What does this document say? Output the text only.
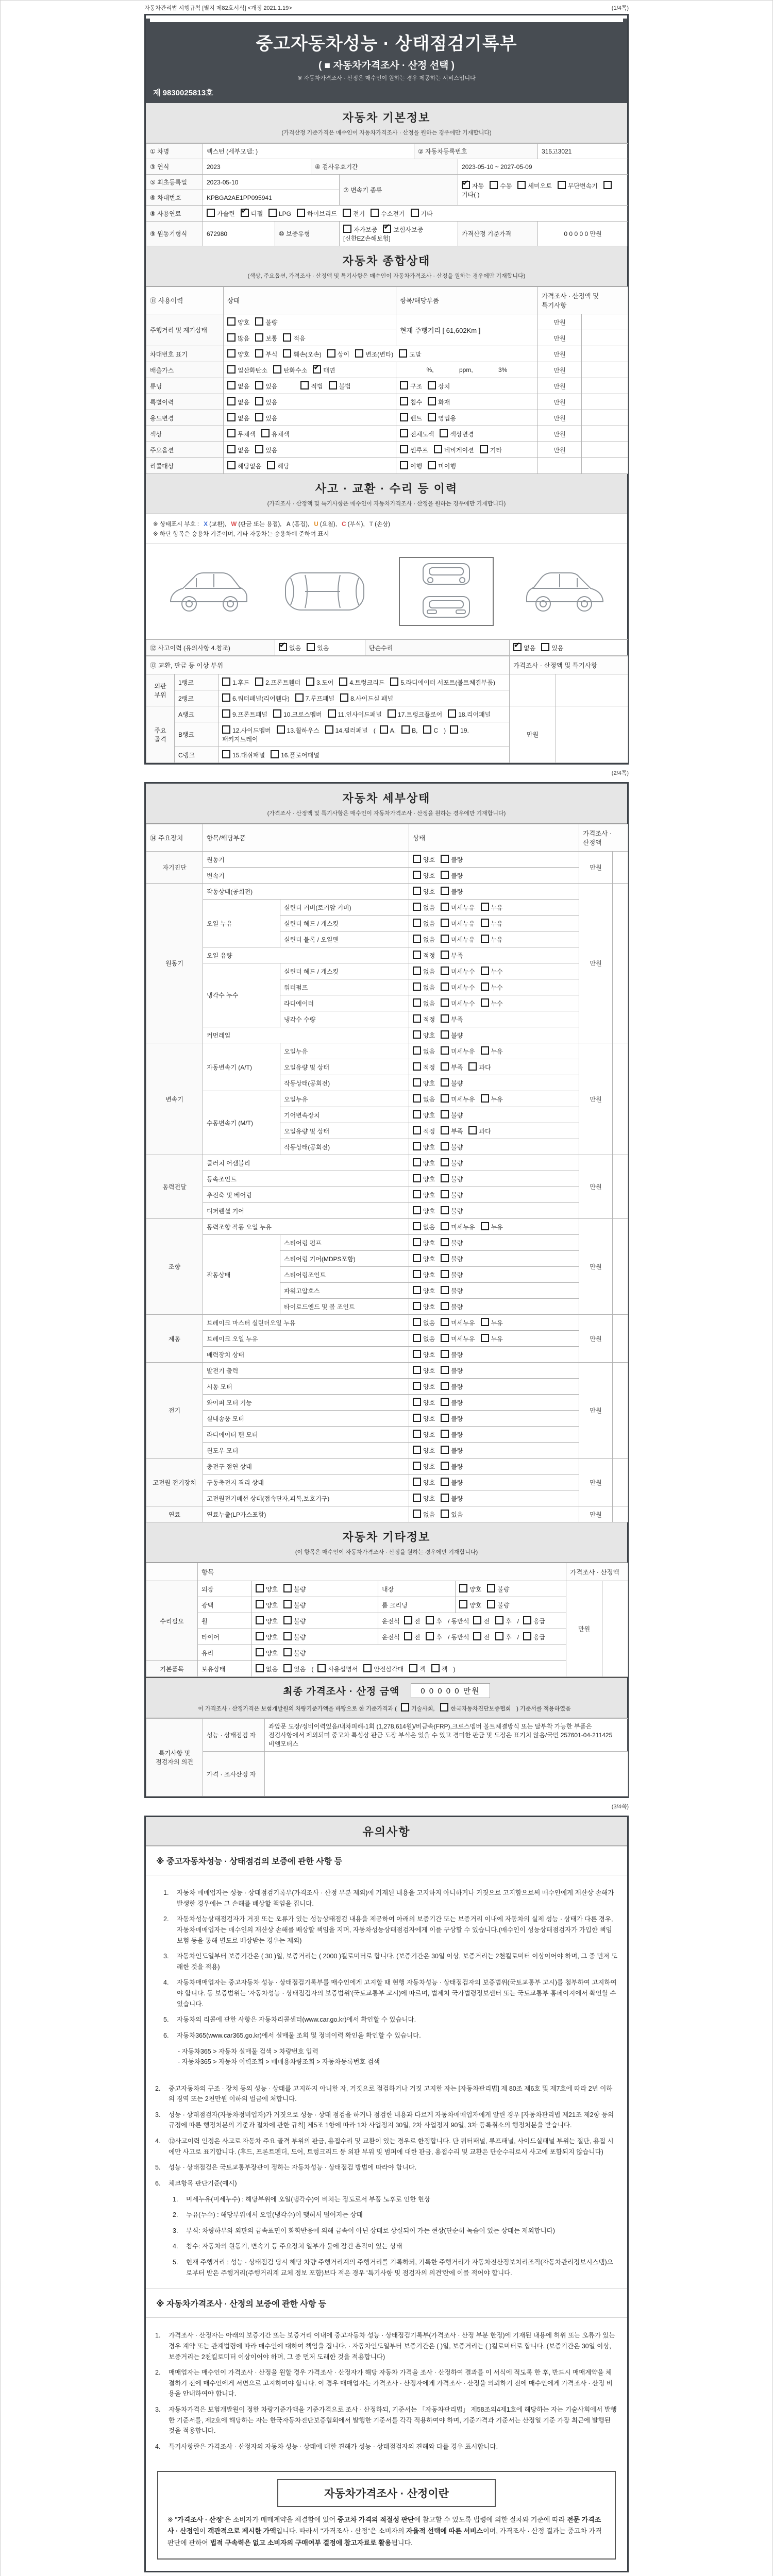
자동차관리법 시행규칙 [별지 제82호서식] <개정 2021.1.19>	(1/4쪽)
중고자동차성능 · 상태점검기록부
( ■ 자동차가격조사 · 산정 선택 )
※ 자동차가격조사 · 산정은 매수인이 원하는 경우 제공하는 서비스입니다
제 9830025813호
자동차 기본정보
(가격산정 기준가격은 매수인이 자동차가격조사 · 산정을 원하는 경우에만 기재합니다)
① 차명	렉스턴 (세부모델: )				② 자동차등록번호		315고3021
③ 연식	2023		④ 검사유효기간			2023-05-10 ~ 2027-05-09	
⑤ 최초등록일	2023-05-10			⑦ 변속기 종류	✔자동 수동 세미오토 무단변속기기타( )
⑥ 차대번호	KPBGA2AE1PP095941						
⑧ 사용연료	가솔린 ✔ 디젤 LPG 하이브리드 전기 수소전기 기타
⑨ 원동기형식	672980	⑩ 보증유형		자가보증 ✔ 보험사보증[신한EZ손해보험]		가격산정 기준가격	0 0 0 0 0 만원
자동차 종합상태
(색상, 주요옵션, 가격조사 · 산정액 및 특기사항은 매수인이 자동차가격조사 · 산정을 원하는 경우에만 기재합니다)
⑪ 사용이력	상태	항목/해당부품	가격조사 · 산정액 및 특기사항	
주행거리 및 계기상태	양호 불량	현재 주행거리 [ 61,602Km ]	만원	
	많음 보통 적음		만원	
차대번호 표기	양호 부식 훼손(오손) 상이 변조(변타) 도말		만원	
배출가스	일산화탄소 탄화수소 ✔ 매연	%, ppm, 3%	만원	
튜닝	없음 있음 적법 불법	구조 장치	만원	
특별이력	없음 있음	침수 화재	만원	
용도변경	없음 있음	렌트 영업용	만원	
색상	무채색 유채색	전체도색 색상변경	만원	
주요옵션	없음 있음	썬루프 네비게이션 기타	만원	
리콜대상	해당없음 해당	이행 미이행		
사고 · 교환 · 수리 등 이력
(가격조사 · 산정액 및 특기사항은 매수인이 자동차가격조사 · 산정을 원하는 경우에만 기재합니다)
※ 상태표시 부호 : X (교환), W (판금 또는 용접), A (흠집), U (요철), C (부식), T (손상)
※ 하단 항목은 승용차 기준이며, 기타 자동차는 승용차에 준하여 표시
⑫ 사고이력 (유의사항 4.참조)	✔없음	있음	단순수리	✔없음	있음
⑬ 교환, 판금 등 이상 부위			가격조사 · 산정액 및 특기사항	
외판 부위	1랭크	1.후드 2.프론트휀더 3.도어 4.트렁크리드 5.라디에이터 서포트(볼트체결부품)		
	2랭크	6.쿼터패널(리어휀다) 7.루프패널 8.사이드실 패널		
주요 골격	A랭크	9.프론트패널 10.크로스멤버 11.인사이드패널 17.트렁크플로어 18.리어패널	만원	
	B랭크	12.사이드멤버 13.휠하우스 14.필러패널 ( A, B, C ) 19.패키지트레이		
	C랭크	15.대쉬패널 16.플로어패널		
(2/4쪽)
자동차 세부상태
(가격조사 · 산정액 및 특기사항은 매수인이 자동차가격조사 · 산정을 원하는 경우에만 기재합니다)
⑭ 주요장치	항목/해당부품		상태	가격조사 · 산정액	
자기진단	원동기		양호 불량	만원	
	변속기		양호 불량		
원동기	작동상태(공회전)		양호 불량	만원	
	오일 누유	실린더 커버(로커암 커버)	없음 미세누유 누유		
		실린더 헤드 / 개스킷	없음 미세누유 누유		
		실린더 블록 / 오일팬	없음 미세누유 누유		
	오일 유량		적정 부족		
	냉각수 누수	실린더 헤드 / 개스킷	없음 미세누수 누수		
		워터펌프	없음 미세누수 누수		
		라디에이터	없음 미세누수 누수		
		냉각수 수량	적정 부족		
	커먼레일		양호 불량		
변속기	자동변속기 (A/T)	오일누유	없음 미세누유 누유	만원	
		오일유량 및 상태	적정 부족 과다		
		작동상태(공회전)	양호 불량		
	수동변속기 (M/T)	오일누유	없음 미세누유 누유		
		기어변속장치	양호 불량		
		오일유량 및 상태	적정 부족 과다		
		작동상태(공회전)	양호 불량		
동력전달	클러치 어셈블리		양호 불량	만원	
	등속조인트		양호 불량		
	추진축 및 베어링		양호 불량		
	디퍼렌셜 기어		양호 불량		
조향	동력조향 작동 오일 누유		없음 미세누유 누유	만원	
	작동상태	스티어링 펌프	양호 불량		
		스티어링 기어(MDPS포함)	양호 불량		
		스티어링조인트	양호 불량		
		파워고압호스	양호 불량		
		타이로드엔드 및 볼 조인트	양호 불량		
제동	브레이크 마스터 실린더오일 누유		없음 미세누유 누유	만원	
	브레이크 오일 누유		없음 미세누유 누유		
	배력장치 상태		양호 불량		
전기	발전기 출력		양호 불량	만원	
	시동 모터		양호 불량		
	와이퍼 모터 기능		양호 불량		
	실내송풍 모터		양호 불량		
	라디에이터 팬 모터		양호 불량		
	윈도우 모터		양호 불량		
고전원 전기장치	충전구 절연 상태		양호 불량	만원	
	구동축전지 격리 상태		양호 불량		
	고전원전기배선 상태(접속단자,피복,보호기구)		양호 불량		
연료	연료누출(LP가스포함)		없음 있음	만원	
자동차 기타정보
(이 항목은 매수인이 자동차가격조사 · 산정을 원하는 경우에만 기재합니다)
	항목				가격조사 · 산정액	
수리필요	외장	양호 불량	내장	양호 불량	만원	
	광택	양호 불량	룸 크리닝	양호 불량		
	휠	양호 불량	운전석 전 후 / 동반석 전 후 / 응급			
	타이어	양호 불량	운전석 전 후 / 동반석 전 후 / 응급			
	유리	양호 불량				
기본품목	보유상태	없음 있음 ( 사용설명서 안전삼각대 잭 잭 )				
최종 가격조사 · 산정 금액	0 0 0 0 0 만원
이 가격조사 · 산정가격은 보험개발원의 차량기준가액을 바탕으로 한 기준가격과 (	기술사회,	한국자동차진단보증협회 ) 기준서를 적용하였음
특기사항 및 점검자의 의견	성능 · 상태점검 자	좌앞문 도장/정비이력있음/내차피해-1회 (1,278,614원)/비금속(FRP),크로스멤버 볼트체결방식 또는 탈부착 가능한 부품은 점검사항에서 제외되며 중고차 특성상 판금 도장 부식은 있을 수 있고 경미한 판금 및 도장은 표기치 않음/국민 257601-04-211425 비엠모터스
	가격 · 조사산정 자	
(3/4쪽)
유의사항
※ 중고자동차성능 · 상태점검의 보증에 관한 사항 등
1.	자동차 매매업자는 성능 · 상태점검기록부(가격조사 · 산정 부분 제외)에 기재된 내용을 고지하지 아니하거나 거짓으로 고지함으로써 매수인에게 재산상 손해가 발생한 경우에는 그 손해를 배상할 책임을 집니다.
2.	자동차성능상태점검자가 거짓 또는 오류가 있는 성능상태점검 내용을 제공하여 아래의 보증기간 또는 보증거리 이내에 자동차의 실제 성능 · 상태가 다른 경우, 자동차매매업자는 매수인의 재산상 손해를 배상할 책임을 지며, 자동차성능상태점검자에게 이를 구상할 수 있습니다.(매수인이 성능상태점검자가 가입한 책임보험 등을 통해 별도로 배상받는 경우는 제외)
3.	자동차인도일부터 보증기간은 ( 30 )일, 보증거리는 ( 2000 )킬로미터로 합니다. (보증기간은 30일 이상, 보증거리는 2천킬로미터 이상이어야 하며, 그 중 먼저 도래한 것을 적용)
4.	자동차매매업자는 중고자동차 성능 · 상태점검기록부를 매수인에게 고지할 때 현행 자동차성능 · 상태점검자의 보증범위(국토교통부 고시)를 첨부하여 고지하여야 합니다. 동 보증범위는 '자동차성능 · 상태점검자의 보증범위'(국토교통부 고시)에 따르며, 법제처 국가법령정보센터 또는 국토교통부 홈페이지에서 확인할 수 있습니다.
5.	자동차의 리콜에 관한 사항은 자동차리콜센터(www.car.go.kr)에서 확인할 수 있습니다.
6.	자동차365(www.car365.go.kr)에서 실매물 조회 및 정비이력 확인을 확인할 수 있습니다.
- 자동차365 > 자동차 실매물 검색 > 차량번호 입력
- 자동차365 > 자동차 이력조회 > 매매용차량조회 > 자동차등록번호 검색
2.	중고자동차의 구조 · 장치 등의 성능 · 상태를 고지하지 아니한 자, 거짓으로 점검하거나 거짓 고지한 자는 [자동차관리법] 제 80조 제6호 및 제7호에 따라 2년 이하의 징역 또는 2천만원 이하의 벌금에 처합니다.
3.	성능 · 상태점검자(자동차정비업자)가 거짓으로 성능 · 상태 점검을 하거나 점검한 내용과 다르게 자동차매매업자에게 알린 경우 [자동차관리법 제21조 제2항 등의 규정에 따른 행정처분의 기준과 절차에 관한 규칙] 제5조 1항에 따라 1차 사업정지 30일, 2차 사업정지 90일, 3차 등록취소의 행정처분을 받습니다.
4.	⑫사고이력 인정은 사고로 자동차 주요 골격 부위의 판금, 용접수리 및 교환이 있는 경우로 한정합니다. 단 쿼터패널, 루프패널, 사이드실패널 부위는 절단, 용접 시에만 사고로 표기합니다. (후드, 프론트펜더, 도어, 트렁크리드 등 외판 부위 및 범퍼에 대한 판금, 용접수리 및 교환은 단순수리로서 사고에 포함되지 않습니다)
5.	성능 · 상태점검은 국토교통부장관이 정하는 자동차성능 · 상태점검 방법에 따라야 합니다.
6.	체크항목 판단기준(예시)
1.	미세누유(미세누수) : 해당부위에 오일(냉각수)이 비치는 정도로서 부품 노후로 인한 현상
2.	누유(누수) : 해당부위에서 오일(냉각수)이 맺혀서 떨어지는 상태
3.	부식: 차량하부와 외판의 금속표면이 화학반응에 의해 금속이 아닌 상태로 상실되어 가는 현상(단순히 녹슬어 있는 상태는 제외합니다)
4.	침수: 자동차의 원동기, 변속기 등 주요장치 일부가 물에 잠긴 흔적이 있는 상태
5.	현재 주행거리 : 성능 · 상태점검 당시 해당 차량 주행거리계의 주행거리를 기록하되, 기록한 주행거리가 자동차전산정보처리조직(자동차관리정보시스템)으로부터 받은 주행거리(주행거리계 교체 정보 포함)보다 적은 경우 '특기사항 및 점검자의 의견'란에 이를 적어야 합니다.
※ 자동차가격조사 · 산정의 보증에 관한 사항 등
1.	가격조사 · 산정자는 아래의 보증기간 또는 보증거리 이내에 중고자동차 성능 · 상태점검기록부(가격조사 · 산정 부분 한정)에 기재된 내용에 허위 또는 오류가 있는 경우 계약 또는 관계법령에 따라 매수인에 대하여 책임을 집니다. · 자동차인도일부터 보증기간은 ( )일, 보증거리는 ( )킬로미터로 합니다. (보증기간은 30일 이상, 보증거리는 2천킬로미터 이상이어야 하며, 그 중 먼저 도래한 것을 적용합니다)
2.	매매업자는 매수인이 가격조사 · 산정을 원할 경우 가격조사 · 산정자가 해당 자동차 가격을 조사 · 산정하여 결과를 이 서식에 적도록 한 후, 반드시 매매계약을 체결하기 전에 매수인에게 서면으로 고지하여야 합니다. 이 경우 매매업자는 가격조사 · 산정자에게 가격조사 · 산정을 의뢰하기 전에 매수인에게 가격조사 · 산정 비용을 안내하여야 합니다.
3.	자동차가격은 보험개발원이 정한 차량기준가액을 기준가격으로 조사 · 산정하되, 기준서는 「자동차관리법」 제58조의4제1호에 해당하는 자는 기술사회에서 발행한 기준서를, 제2호에 해당하는 자는 한국자동차진단보증협회에서 발행한 기준서를 각각 적용하여야 하며, 기준가격과 기준서는 산정일 기준 가장 최근에 발행된 것을 적용합니다.
4.	특기사항란은 가격조사 · 산정자의 자동차 성능 · 상태에 대한 견해가 성능 · 상태점검자의 견해와 다를 경우 표시합니다.
자동차가격조사 · 산정이란

※ "가격조사 · 산정"은 소비자가 매매계약을 체결함에 있어 중고차 가격의 적절성 판단에 참고할 수 있도록 법령에 의한 절차와 기준에 따라 전문 가격조사 · 산정인이 객관적으로 제시한 가액입니다. 따라서 "가격조사 · 산정"은 소비자의 자율적 선택에 따른 서비스이며, 가격조사 · 산정 결과는 중고차 가격판단에 관하여 법적 구속력은 없고 소비자의 구매여부 결정에 참고자료로 활용됩니다.
